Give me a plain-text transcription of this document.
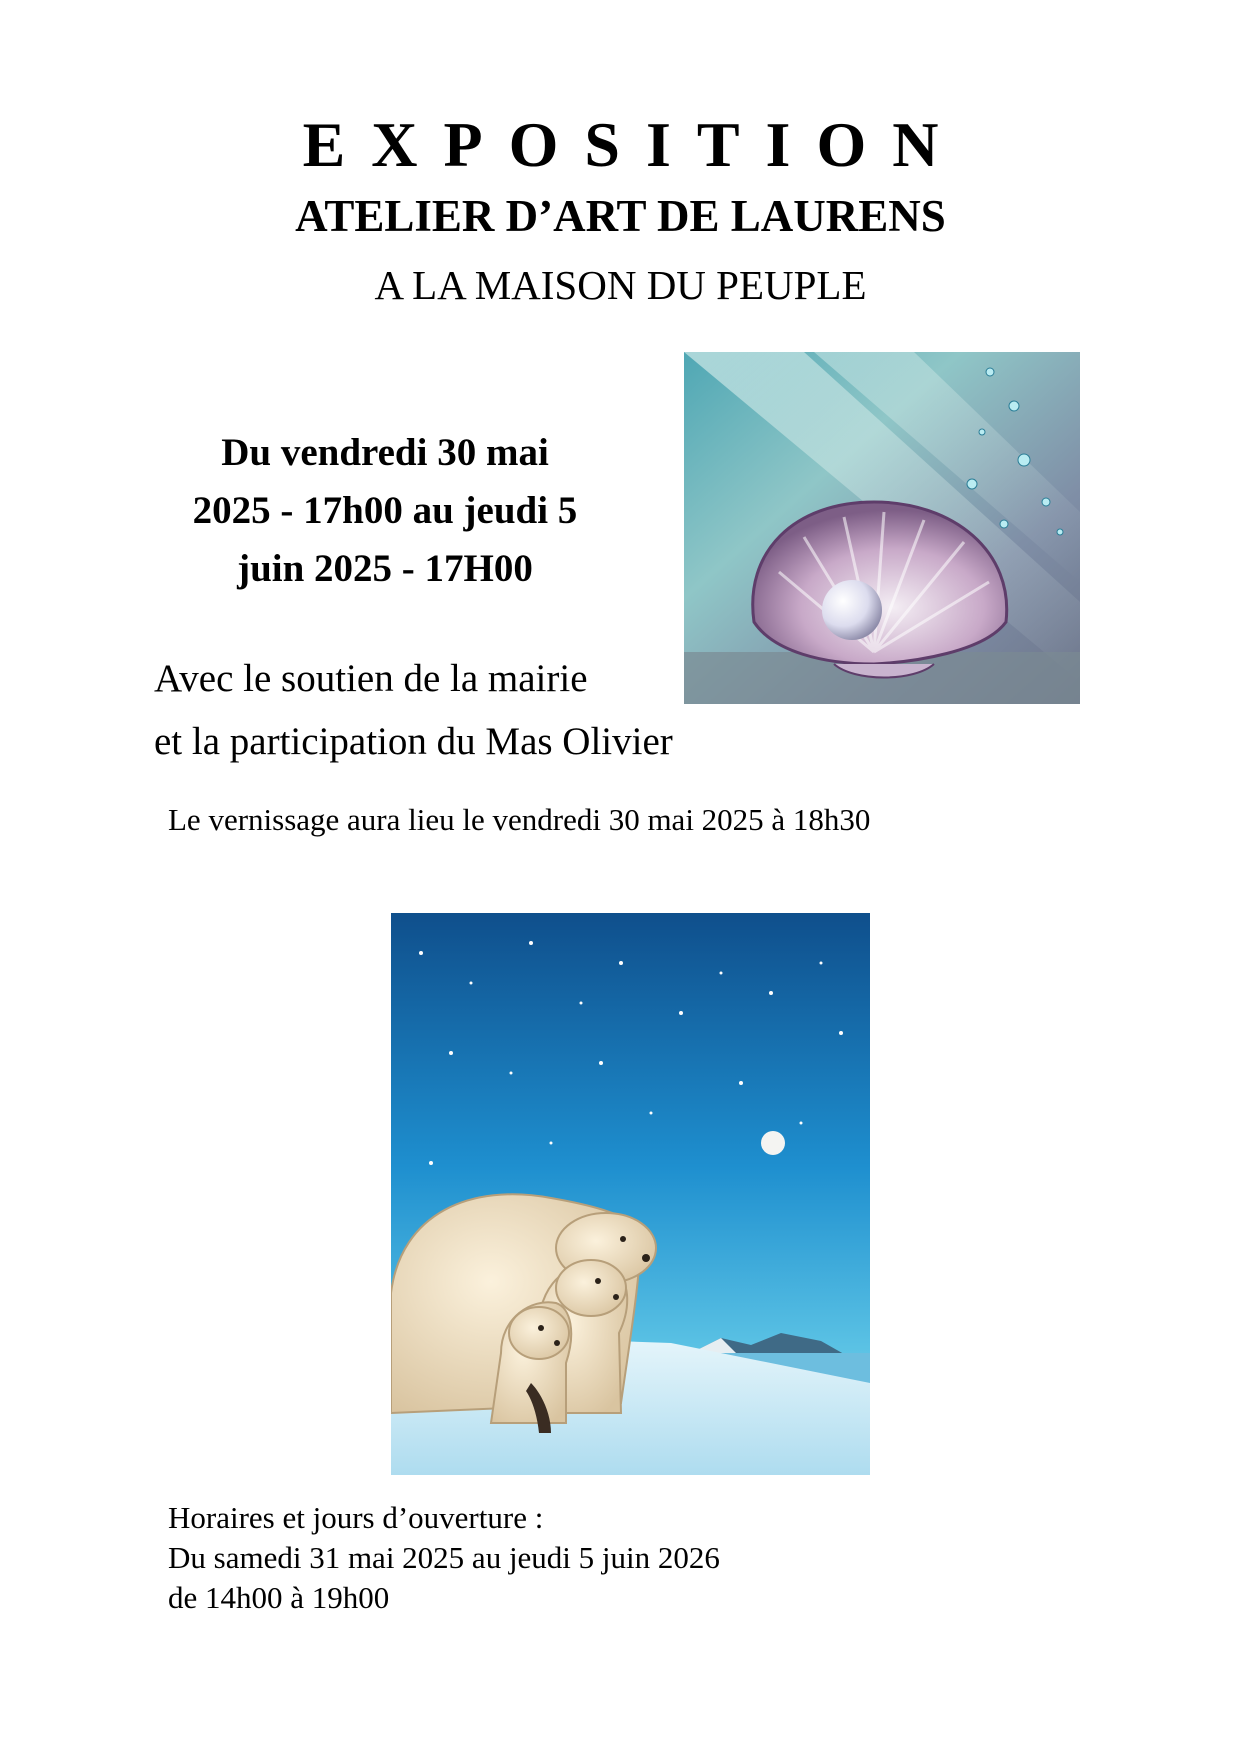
EXPOSITION
ATELIER D’ART DE LAURENS
A LA MAISON DU PEUPLE
Du vendredi 30 mai
2025 - 17h00 au jeudi 5
juin 2025 - 17H00
Avec le soutien de la mairie
et la participation du Mas Olivier
Le vernissage aura lieu le vendredi 30 mai 2025 à 18h30
Horaires et jours d’ouverture :
Du samedi 31 mai 2025 au jeudi 5 juin 2026
de 14h00 à 19h00
